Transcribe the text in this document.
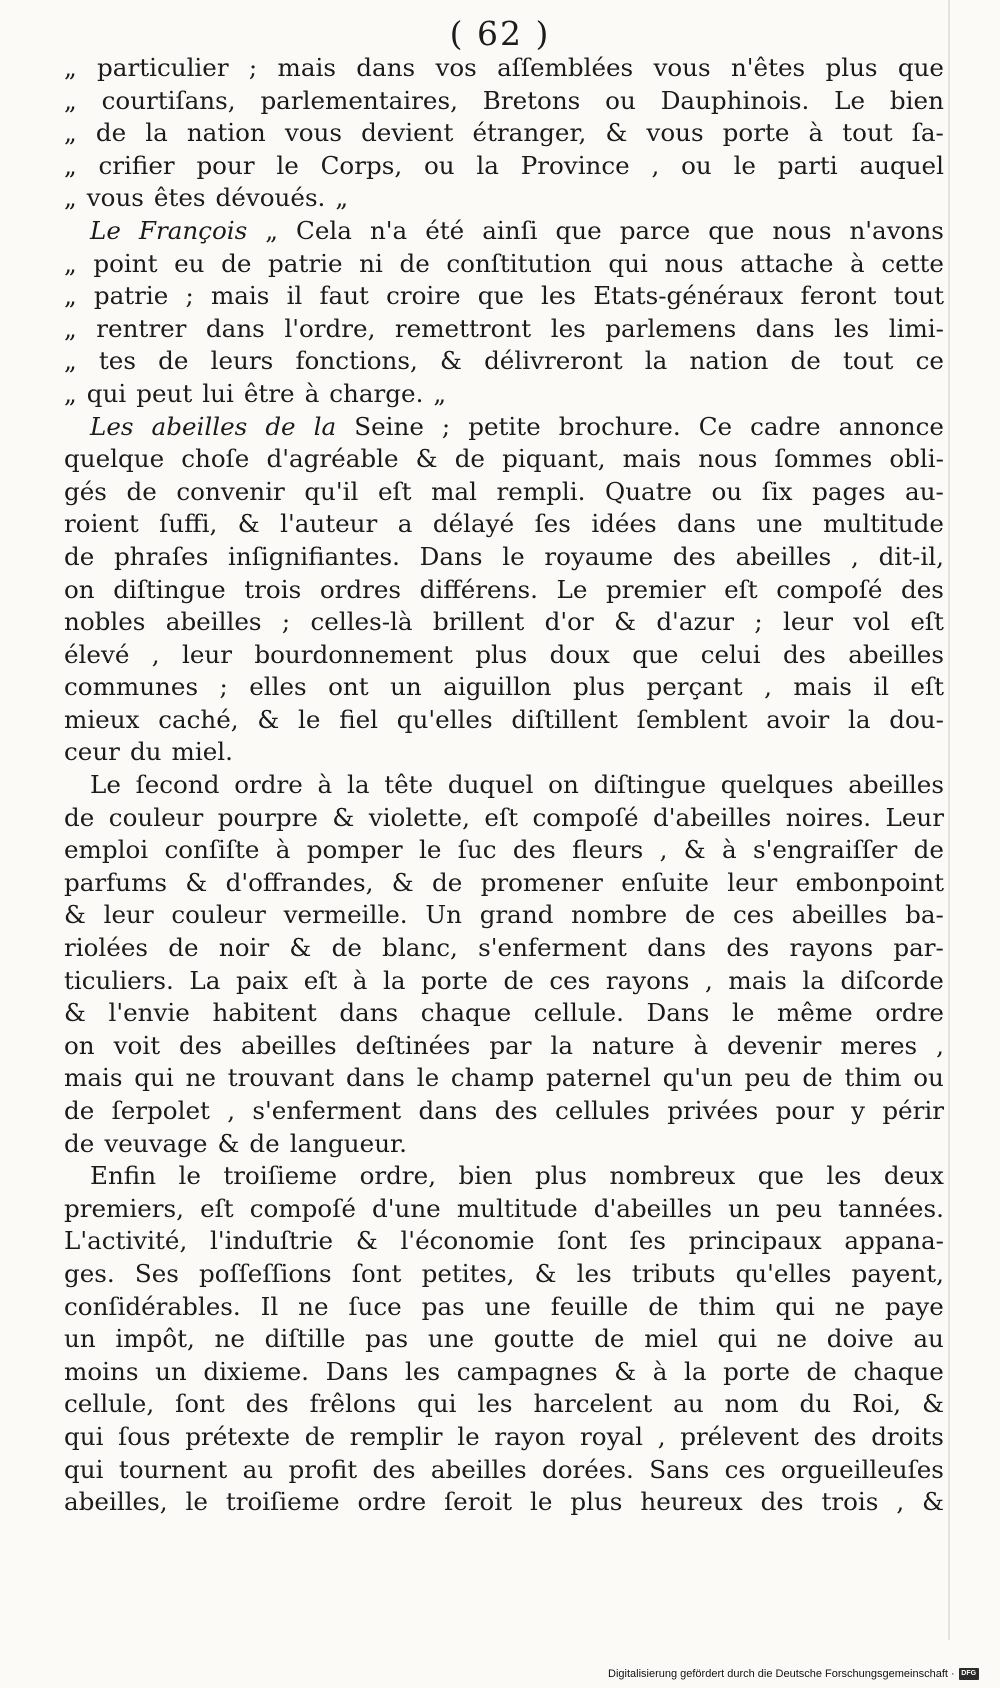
( 62 )
„ particulier ; mais dans vos aſſemblées vous n'êtes plus que
„ courtiſans, parlementaires, Bretons ou Dauphinois. Le bien
„ de la nation vous devient étranger, & vous porte à tout ſa-
„ crifier pour le Corps, ou la Province , ou le parti auquel
„ vous êtes dévoués. „
Le François „ Cela n'a été ainſi que parce que nous n'avons
„ point eu de patrie ni de conſtitution qui nous attache à cette
„ patrie ; mais il faut croire que les Etats-généraux feront tout
„ rentrer dans l'ordre, remettront les parlemens dans les limi-
„ tes de leurs fonctions, & délivreront la nation de tout ce
„ qui peut lui être à charge. „
Les abeilles de la Seine ; petite brochure. Ce cadre annonce
quelque choſe d'agréable & de piquant, mais nous ſommes obli-
gés de convenir qu'il eſt mal rempli. Quatre ou ſix pages au-
roient ſuffi, & l'auteur a délayé ſes idées dans une multitude
de phraſes inſignifiantes. Dans le royaume des abeilles , dit-il,
on diſtingue trois ordres différens. Le premier eſt compoſé des
nobles abeilles ; celles-là brillent d'or & d'azur ; leur vol eſt
élevé , leur bourdonnement plus doux que celui des abeilles
communes ; elles ont un aiguillon plus perçant , mais il eſt
mieux caché, & le fiel qu'elles diſtillent ſemblent avoir la dou-
ceur du miel.
Le ſecond ordre à la tête duquel on diſtingue quelques abeilles
de couleur pourpre & violette, eſt compoſé d'abeilles noires. Leur
emploi conſiſte à pomper le ſuc des fleurs , & à s'engraiſſer de
parfums & d'offrandes, & de promener enſuite leur embonpoint
& leur couleur vermeille. Un grand nombre de ces abeilles ba-
riolées de noir & de blanc, s'enferment dans des rayons par-
ticuliers. La paix eſt à la porte de ces rayons , mais la diſcorde
& l'envie habitent dans chaque cellule. Dans le même ordre
on voit des abeilles deſtinées par la nature à devenir meres ,
mais qui ne trouvant dans le champ paternel qu'un peu de thim ou
de ſerpolet , s'enferment dans des cellules privées pour y périr
de veuvage & de langueur.
Enfin le troiſieme ordre, bien plus nombreux que les deux
premiers, eſt compoſé d'une multitude d'abeilles un peu tannées.
L'activité, l'induſtrie & l'économie ſont ſes principaux appana-
ges. Ses poſſeſſions ſont petites, & les tributs qu'elles payent,
conſidérables. Il ne ſuce pas une feuille de thim qui ne paye
un impôt, ne diſtille pas une goutte de miel qui ne doive au
moins un dixieme. Dans les campagnes & à la porte de chaque
cellule, ſont des frêlons qui les harcelent au nom du Roi, &
qui ſous prétexte de remplir le rayon royal , prélevent des droits
qui tournent au profit des abeilles dorées. Sans ces orgueilleuſes
abeilles, le troiſieme ordre ſeroit le plus heureux des trois , &
Digitalisierung gefördert durch die Deutsche Forschungsgemeinschaft · DFG
